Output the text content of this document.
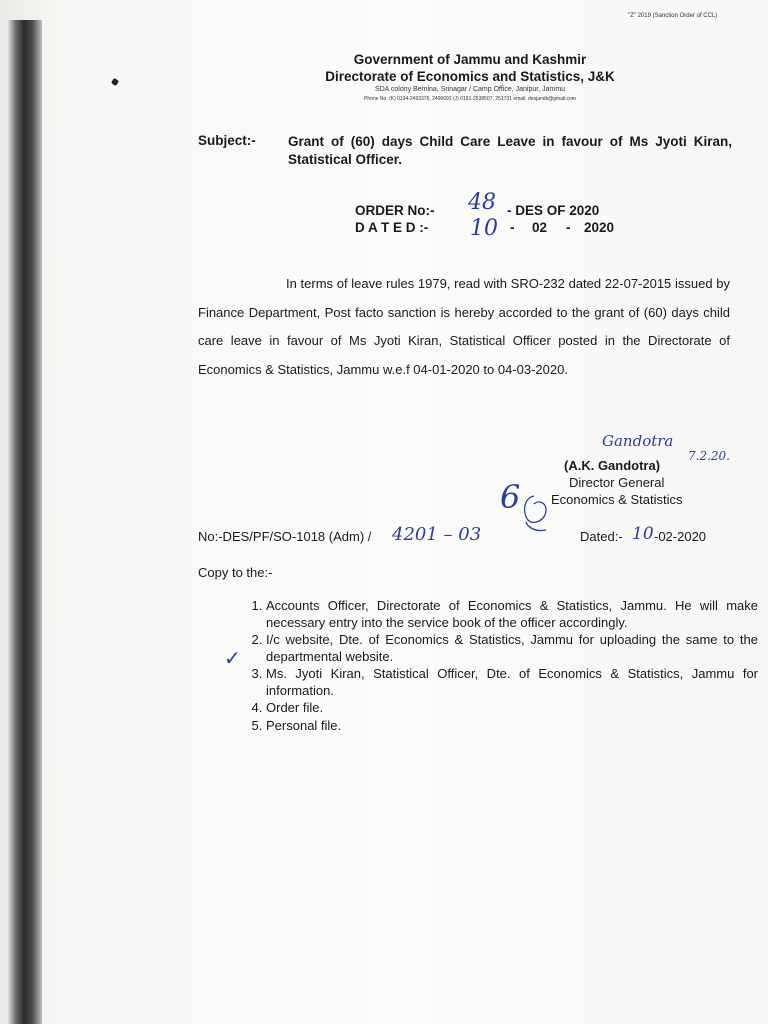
"Z" 2019 (Sanction Order of CCL)
Government of Jammu and Kashmir
Directorate of Economics and Statistics, J&K
SDA colony Bemina, Srinagar / Camp Office, Janipur, Jammu
Phone No. (K) 0194-2493376, 2490092 (J) 0191-2538507, 251731 email. desjandk@gmail.com
Subject:- Grant of (60) days Child Care Leave in favour of Ms Jyoti Kiran, Statistical Officer.
ORDER No:- 48 - DES OF 2020
D A T E D :- 10 - 02 - 2020
In terms of leave rules 1979, read with SRO-232 dated 22-07-2015 issued by Finance Department, Post facto sanction is hereby accorded to the grant of (60) days child care leave in favour of Ms Jyoti Kiran, Statistical Officer posted in the Directorate of Economics & Statistics, Jammu w.e.f 04-01-2020 to 04-03-2020.
Gandotra
7.2.20.
(A.K. Gandotra)
Director General
Economics & Statistics
6
No:-DES/PF/SO-1018 (Adm) / 4201 – 03	Dated:- 10 -02-2020
Copy to the:-
✓
1. Accounts Officer, Directorate of Economics & Statistics, Jammu. He will make necessary entry into the service book of the officer accordingly.
2. I/c website, Dte. of Economics & Statistics, Jammu for uploading the same to the departmental website.
3. Ms. Jyoti Kiran, Statistical Officer, Dte. of Economics & Statistics, Jammu for information.
4. Order file.
5. Personal file.
